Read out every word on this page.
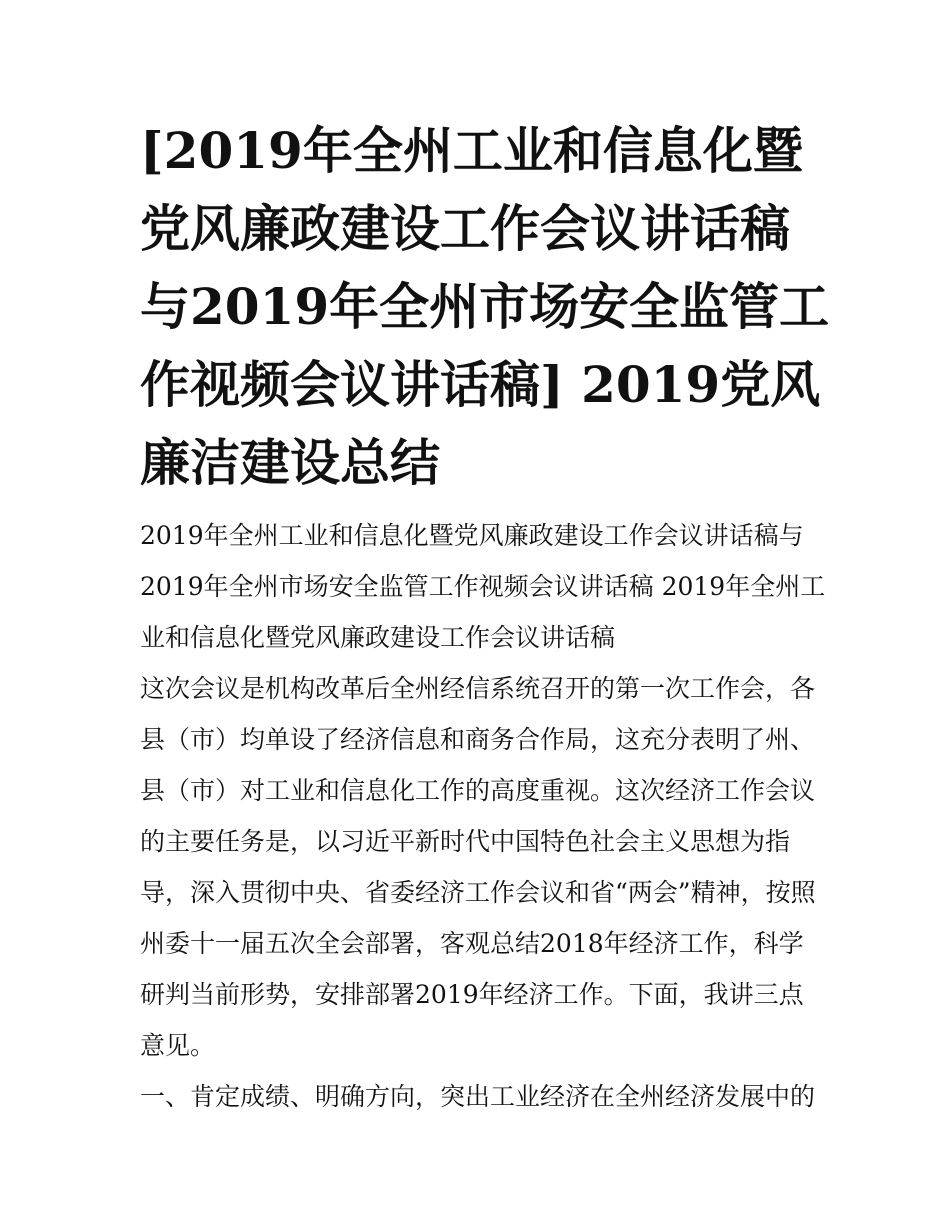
[2019年全州工业和信息化暨
党风廉政建设工作会议讲话稿
与2019年全州市场安全监管工
作视频会议讲话稿] 2019党风
廉洁建设总结
2019年全州工业和信息化暨党风廉政建设工作会议讲话稿与
2019年全州市场安全监管工作视频会议讲话稿 2019年全州工
业和信息化暨党风廉政建设工作会议讲话稿
这次会议是机构改革后全州经信系统召开的第一次工作会，各
县（市）均单设了经济信息和商务合作局，这充分表明了州、
县（市）对工业和信息化工作的高度重视。这次经济工作会议
的主要任务是，以习近平新时代中国特色社会主义思想为指
导，深入贯彻中央、省委经济工作会议和省“两会”精神，按照
州委十一届五次全会部署，客观总结2018年经济工作，科学
研判当前形势，安排部署2019年经济工作。下面，我讲三点
意见。
一、肯定成绩、明确方向，突出工业经济在全州经济发展中的
